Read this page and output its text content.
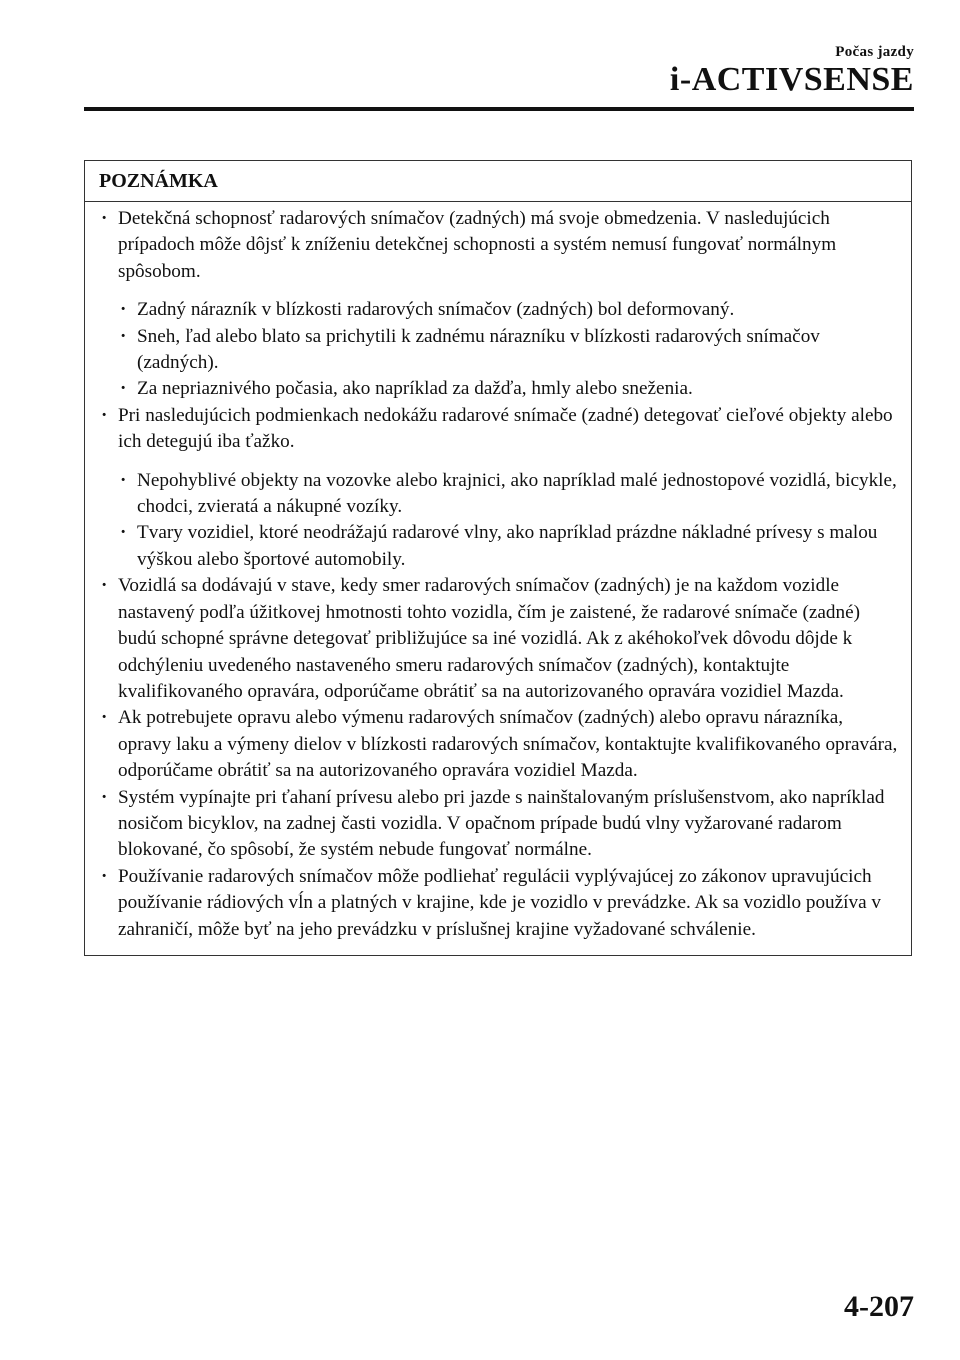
Počas jazdy
i-ACTIVSENSE
POZNÁMKA
· Detekčná schopnosť radarových snímačov (zadných) má svoje obmedzenia. V nasledujúcich prípadoch môže dôjsť k zníženiu detekčnej schopnosti a systém nemusí fungovať normálnym spôsobom.
· Zadný nárazník v blízkosti radarových snímačov (zadných) bol deformovaný.
· Sneh, ľad alebo blato sa prichytili k zadnému nárazníku v blízkosti radarových snímačov (zadných).
· Za nepriaznivého počasia, ako napríklad za dažďa, hmly alebo sneženia.
· Pri nasledujúcich podmienkach nedokážu radarové snímače (zadné) detegovať cieľové objekty alebo ich detegujú iba ťažko.
· Nepohyblivé objekty na vozovke alebo krajnici, ako napríklad malé jednostopové vozidlá, bicykle, chodci, zvieratá a nákupné vozíky.
· Tvary vozidiel, ktoré neodrážajú radarové vlny, ako napríklad prázdne nákladné prívesy s malou výškou alebo športové automobily.
· Vozidlá sa dodávajú v stave, kedy smer radarových snímačov (zadných) je na každom vozidle nastavený podľa úžitkovej hmotnosti tohto vozidla, čím je zaistené, že radarové snímače (zadné) budú schopné správne detegovať približujúce sa iné vozidlá. Ak z akéhokoľvek dôvodu dôjde k odchýleniu uvedeného nastaveného smeru radarových snímačov (zadných), kontaktujte kvalifikovaného opravára, odporúčame obrátiť sa na autorizovaného opravára vozidiel Mazda.
· Ak potrebujete opravu alebo výmenu radarových snímačov (zadných) alebo opravu nárazníka, opravy laku a výmeny dielov v blízkosti radarových snímačov, kontaktujte kvalifikovaného opravára, odporúčame obrátiť sa na autorizovaného opravára vozidiel Mazda.
· Systém vypínajte pri ťahaní prívesu alebo pri jazde s nainštalovaným príslušenstvom, ako napríklad nosičom bicyklov, na zadnej časti vozidla. V opačnom prípade budú vlny vyžarované radarom blokované, čo spôsobí, že systém nebude fungovať normálne.
· Používanie radarových snímačov môže podliehať regulácii vyplývajúcej zo zákonov upravujúcich používanie rádiových vĺn a platných v krajine, kde je vozidlo v prevádzke. Ak sa vozidlo používa v zahraničí, môže byť na jeho prevádzku v príslušnej krajine vyžadované schválenie.
4-207
